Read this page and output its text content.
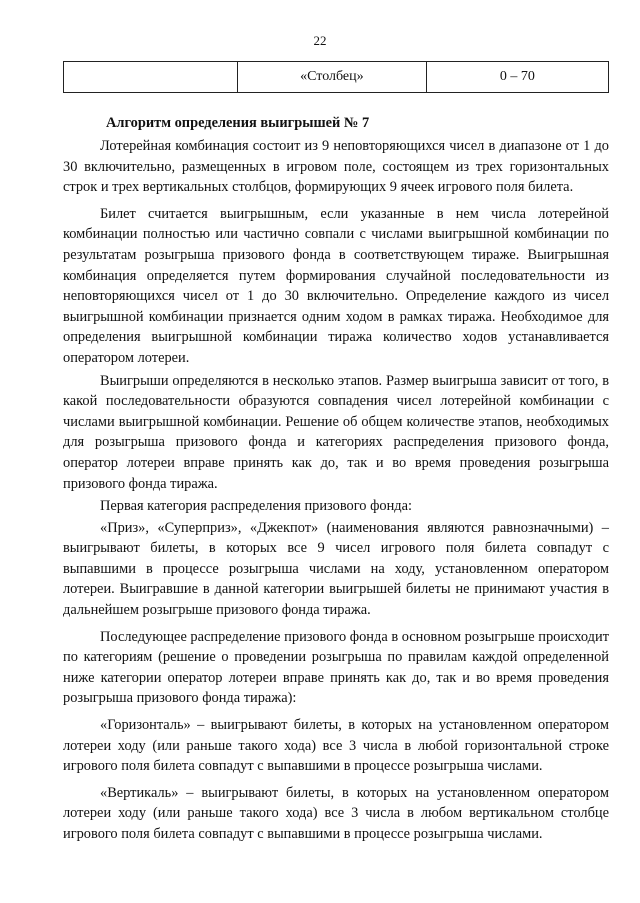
22
	«Столбец»	0 – 70
Алгоритм определения выигрышей № 7

Лотерейная комбинация состоит из 9 неповторяющихся чисел в диапазоне от 1 до 30 включительно, размещенных в игровом поле, состоящем из трех горизонтальных строк и трех вертикальных столбцов, формирующих 9 ячеек игрового поля билета.

Билет считается выигрышным, если указанные в нем числа лотерейной комбинации полностью или частично совпали с числами выигрышной комбинации по результатам розыгрыша призового фонда в соответствующем тираже. Выигрышная комбинация определяется путем формирования случайной последовательности из неповторяющихся чисел от 1 до 30 включительно. Определение каждого из чисел выигрышной комбинации признается одним ходом в рамках тиража. Необходимое для определения выигрышной комбинации тиража количество ходов устанавливается оператором лотереи.

Выигрыши определяются в несколько этапов. Размер выигрыша зависит от того, в какой последовательности образуются совпадения чисел лотерейной комбинации с числами выигрышной комбинации. Решение об общем количестве этапов, необходимых для розыгрыша призового фонда и категориях распределения призового фонда, оператор лотереи вправе принять как до, так и во время проведения розыгрыша призового фонда тиража.

Первая категория распределения призового фонда:

«Приз», «Суперприз», «Джекпот» (наименования являются равнозначными) – выигрывают билеты, в которых все 9 чисел игрового поля билета совпадут с выпавшими в процессе розыгрыша числами на ходу, установленном оператором лотереи. Выигравшие в данной категории выигрышей билеты не принимают участия в дальнейшем розыгрыше призового фонда тиража.

Последующее распределение призового фонда в основном розыгрыше происходит по категориям (решение о проведении розыгрыша по правилам каждой определенной ниже категории оператор лотереи вправе принять как до, так и во время проведения розыгрыша призового фонда тиража):

«Горизонталь» – выигрывают билеты, в которых на установленном оператором лотереи ходу (или раньше такого хода) все 3 числа в любой горизонтальной строке игрового поля билета совпадут с выпавшими в процессе розыгрыша числами.

«Вертикаль» – выигрывают билеты, в которых на установленном оператором лотереи ходу (или раньше такого хода) все 3 числа в любом вертикальном столбце игрового поля билета совпадут с выпавшими в процессе розыгрыша числами.
